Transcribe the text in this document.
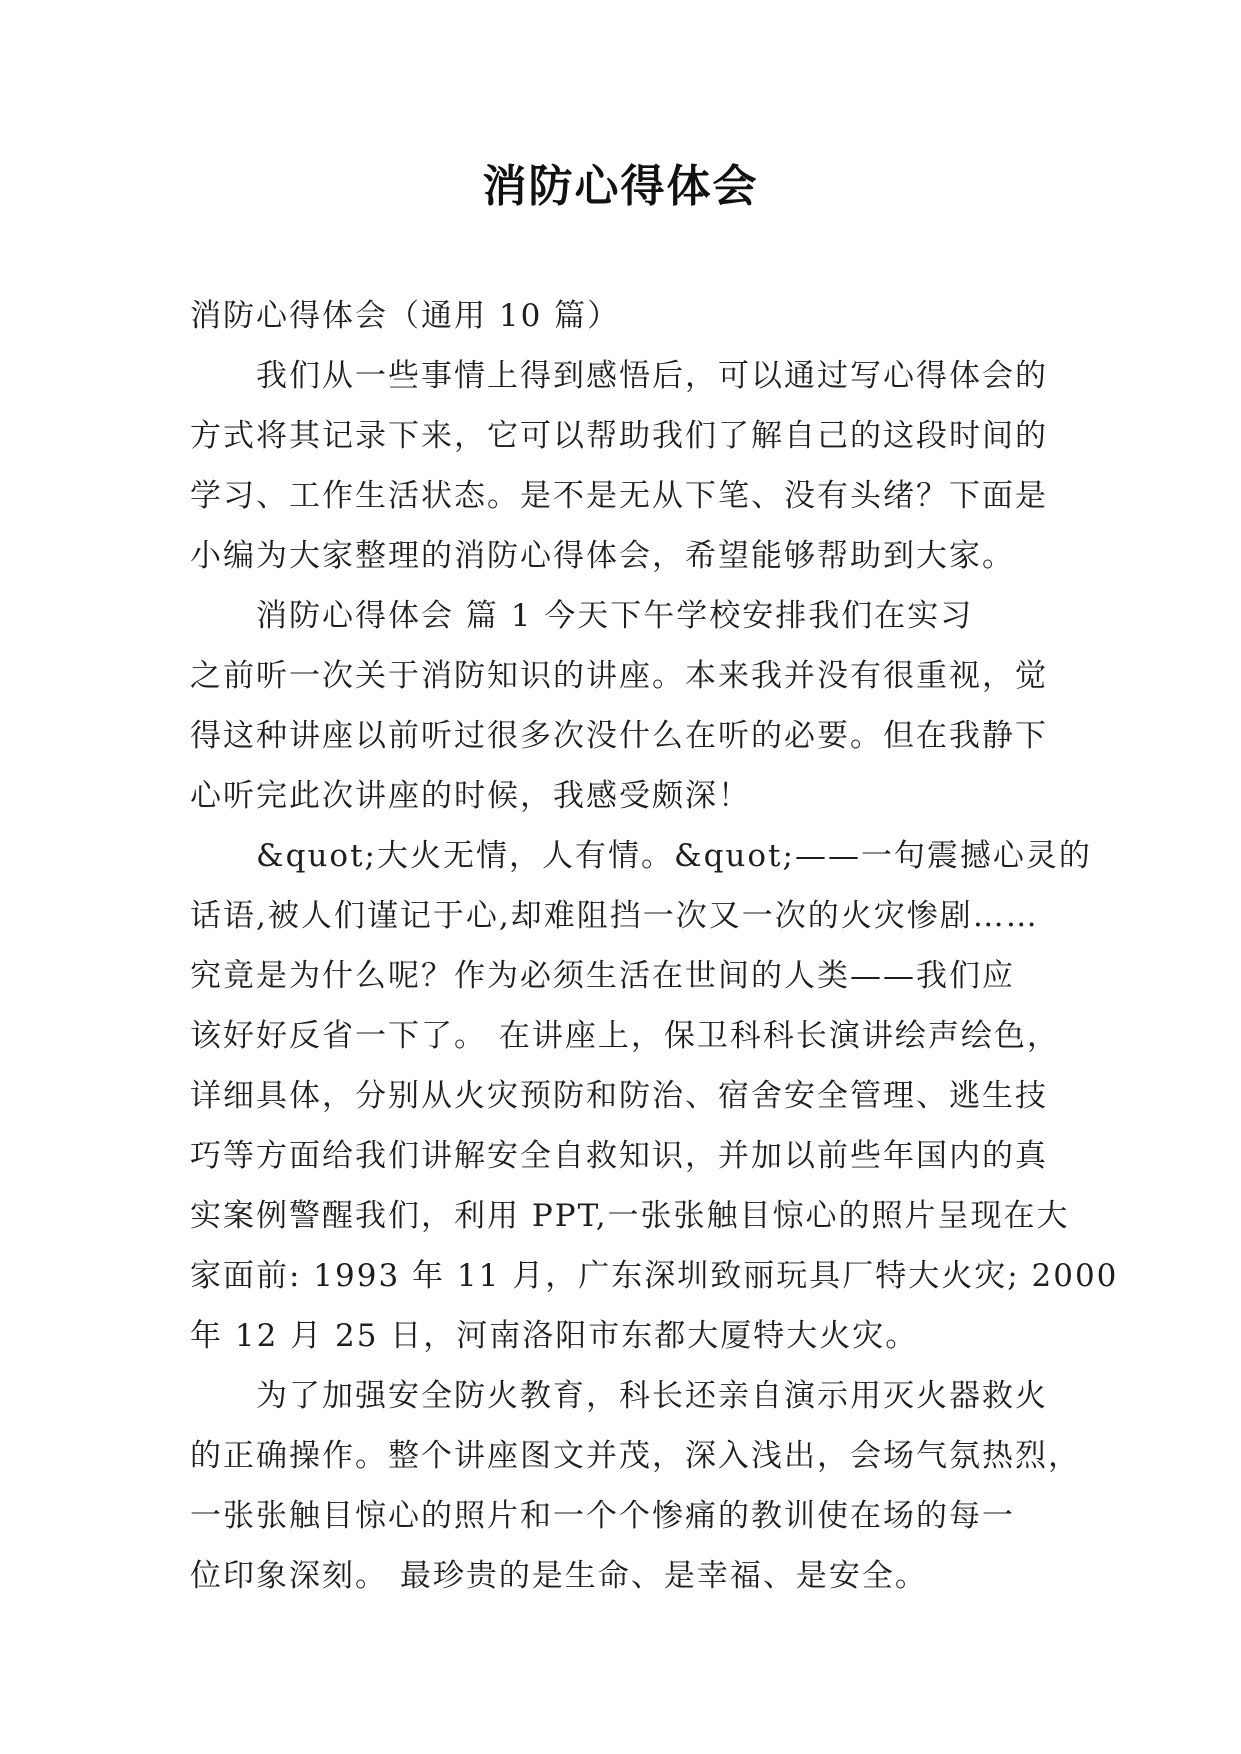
消防心得体会
消防心得体会（通用 10 篇）
我们从一些事情上得到感悟后，可以通过写心得体会的
方式将其记录下来，它可以帮助我们了解自己的这段时间的
学习、工作生活状态。是不是无从下笔、没有头绪？下面是
小编为大家整理的消防心得体会，希望能够帮助到大家。
消防心得体会 篇 1 今天下午学校安排我们在实习
之前听一次关于消防知识的讲座。本来我并没有很重视，觉
得这种讲座以前听过很多次没什么在听的必要。但在我静下
心听完此次讲座的时候，我感受颇深！
&quot;大火无情，人有情。&quot;——一句震撼心灵的
话语,被人们谨记于心,却难阻挡一次又一次的火灾惨剧……
究竟是为什么呢？作为必须生活在世间的人类——我们应
该好好反省一下了。 在讲座上，保卫科科长演讲绘声绘色，
详细具体，分别从火灾预防和防治、宿舍安全管理、逃生技
巧等方面给我们讲解安全自救知识，并加以前些年国内的真
实案例警醒我们，利用 PPT,一张张触目惊心的照片呈现在大
家面前: 1993 年 11 月，广东深圳致丽玩具厂特大火灾; 2000
年 12 月 25 日，河南洛阳市东都大厦特大火灾。
为了加强安全防火教育，科长还亲自演示用灭火器救火
的正确操作。整个讲座图文并茂，深入浅出，会场气氛热烈，
一张张触目惊心的照片和一个个惨痛的教训使在场的每一
位印象深刻。 最珍贵的是生命、是幸福、是安全。
